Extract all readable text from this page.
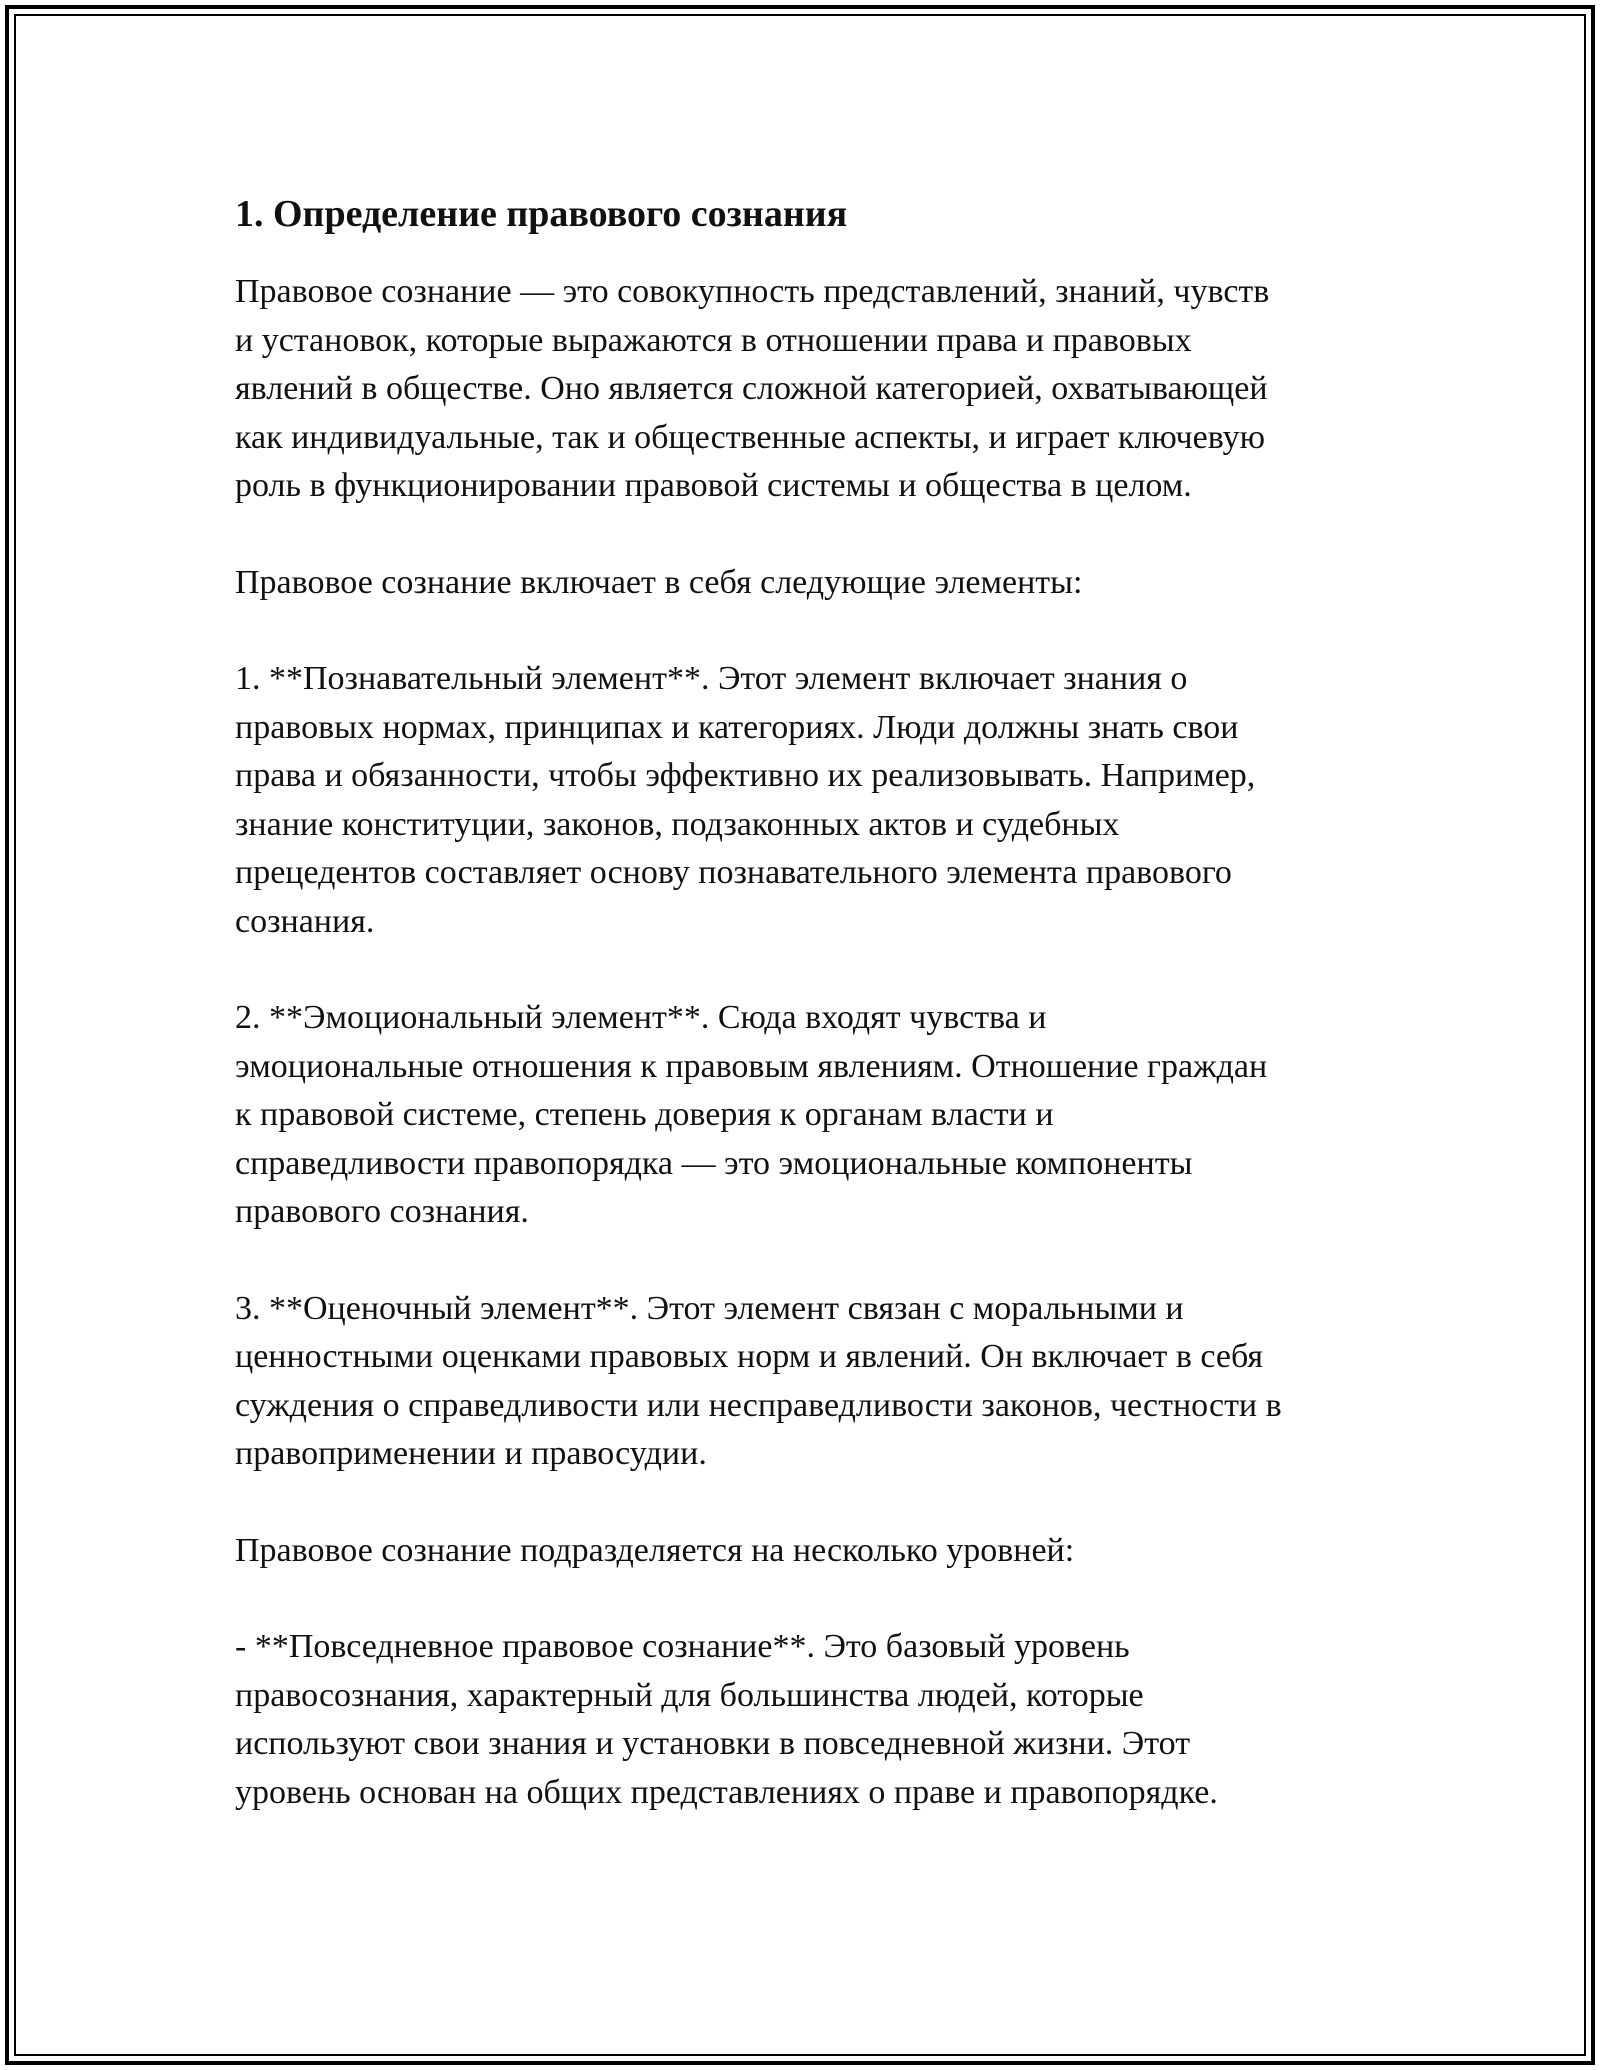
1. Определение правового сознания

Правовое сознание — это совокупность представлений, знаний, чувств
и установок, которые выражаются в отношении права и правовых
явлений в обществе. Оно является сложной категорией, охватывающей
как индивидуальные, так и общественные аспекты, и играет ключевую
роль в функционировании правовой системы и общества в целом.

Правовое сознание включает в себя следующие элементы:

1. **Познавательный элемент**. Этот элемент включает знания о
правовых нормах, принципах и категориях. Люди должны знать свои
права и обязанности, чтобы эффективно их реализовывать. Например,
знание конституции, законов, подзаконных актов и судебных
прецедентов составляет основу познавательного элемента правового
сознания.

2. **Эмоциональный элемент**. Сюда входят чувства и
эмоциональные отношения к правовым явлениям. Отношение граждан
к правовой системе, степень доверия к органам власти и
справедливости правопорядка — это эмоциональные компоненты
правового сознания.

3. **Оценочный элемент**. Этот элемент связан с моральными и
ценностными оценками правовых норм и явлений. Он включает в себя
суждения о справедливости или несправедливости законов, честности в
правоприменении и правосудии.

Правовое сознание подразделяется на несколько уровней:

- **Повседневное правовое сознание**. Это базовый уровень
правосознания, характерный для большинства людей, которые
используют свои знания и установки в повседневной жизни. Этот
уровень основан на общих представлениях о праве и правопорядке.
